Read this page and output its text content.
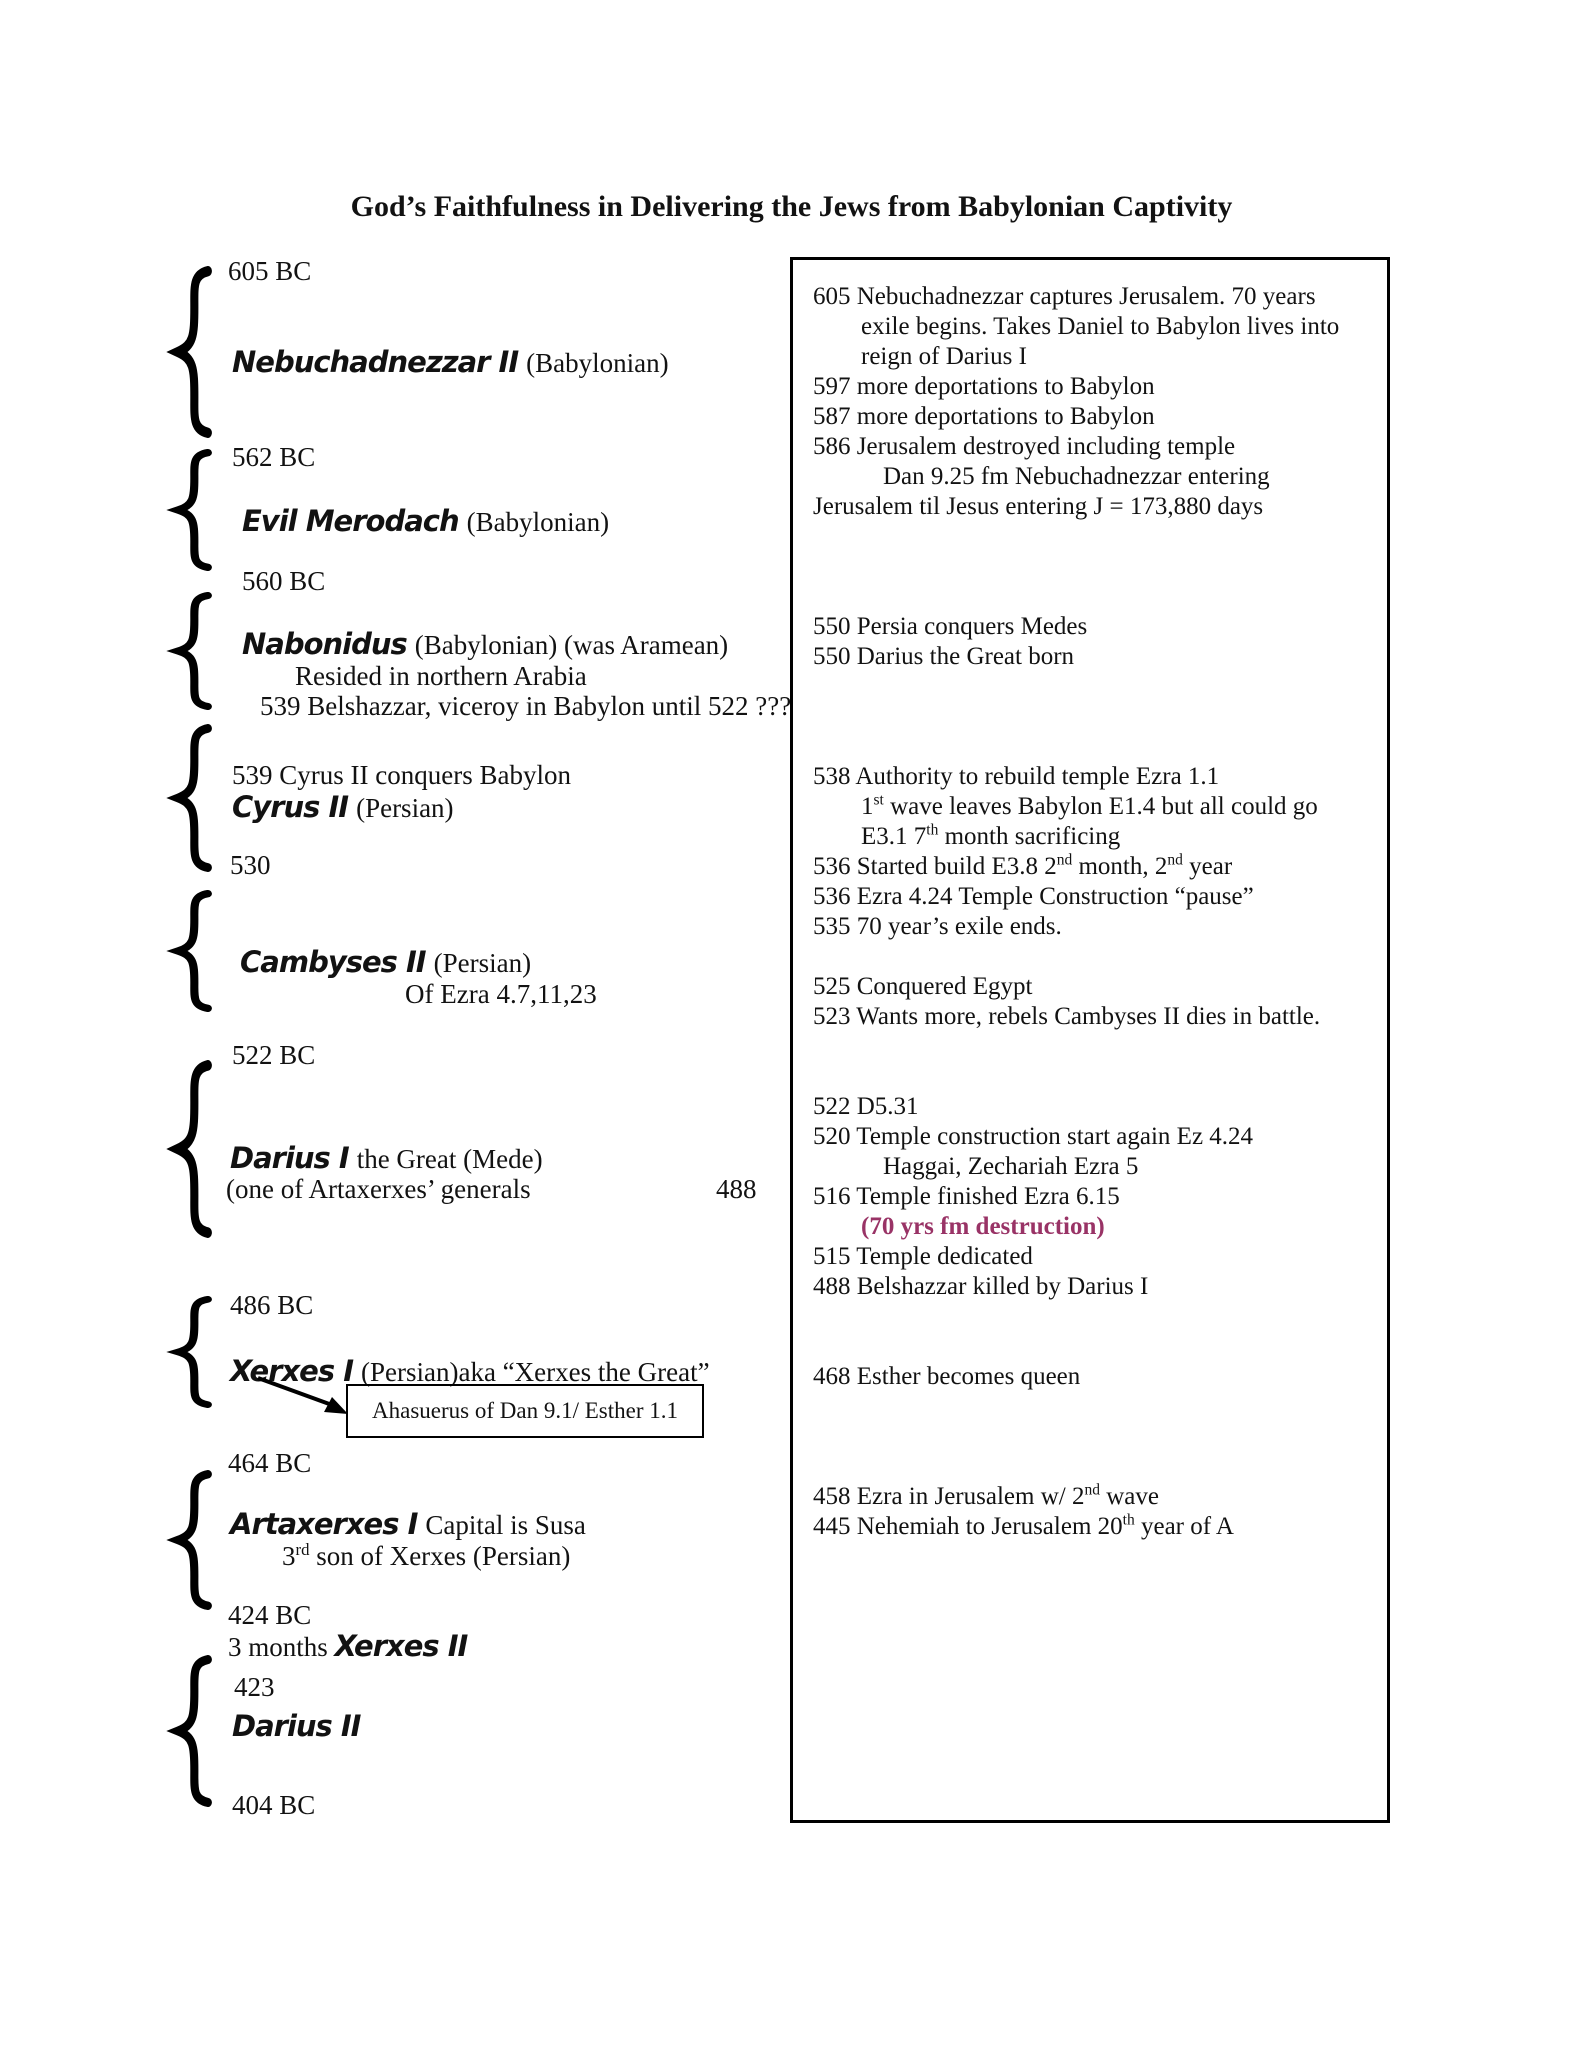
God’s Faithfulness in Delivering the Jews from Babylonian Captivity
605 BC
Nebuchadnezzar II (Babylonian)
562 BC
Evil Merodach (Babylonian)
560 BC
Nabonidus (Babylonian) (was Aramean)
Resided in northern Arabia
539 Belshazzar, viceroy in Babylon until 522 ???
539 Cyrus II conquers Babylon
Cyrus II (Persian)
530
Cambyses II (Persian)
Of Ezra 4.7,11,23
522 BC
Darius I the Great (Mede)
(one of Artaxerxes’ generals	488
486 BC
Xerxes I (Persian)aka “Xerxes the Great”
Ahasuerus of Dan 9.1/ Esther 1.1
464 BC
Artaxerxes I Capital is Susa
3rd son of Xerxes (Persian)
424 BC
3 months Xerxes II
423
Darius II
404 BC
605 Nebuchadnezzar captures Jerusalem. 70 years
exile begins. Takes Daniel to Babylon lives into
reign of Darius I
597 more deportations to Babylon
587 more deportations to Babylon
586 Jerusalem destroyed including temple
Dan 9.25 fm Nebuchadnezzar entering
Jerusalem til Jesus entering J = 173,880 days

550 Persia conquers Medes
550 Darius the Great born

538 Authority to rebuild temple Ezra 1.1
1st wave leaves Babylon E1.4 but all could go
E3.1 7th month sacrificing
536 Started build E3.8 2nd month, 2nd year
536 Ezra 4.24 Temple Construction “pause”
535 70 year’s exile ends.

525 Conquered Egypt
523 Wants more, rebels Cambyses II dies in battle.

522 D5.31
520 Temple construction start again Ez 4.24
Haggai, Zechariah Ezra 5
516 Temple finished Ezra 6.15
(70 yrs fm destruction)
515 Temple dedicated
488 Belshazzar killed by Darius I

468 Esther becomes queen

458 Ezra in Jerusalem w/ 2nd wave
445 Nehemiah to Jerusalem 20th year of A
